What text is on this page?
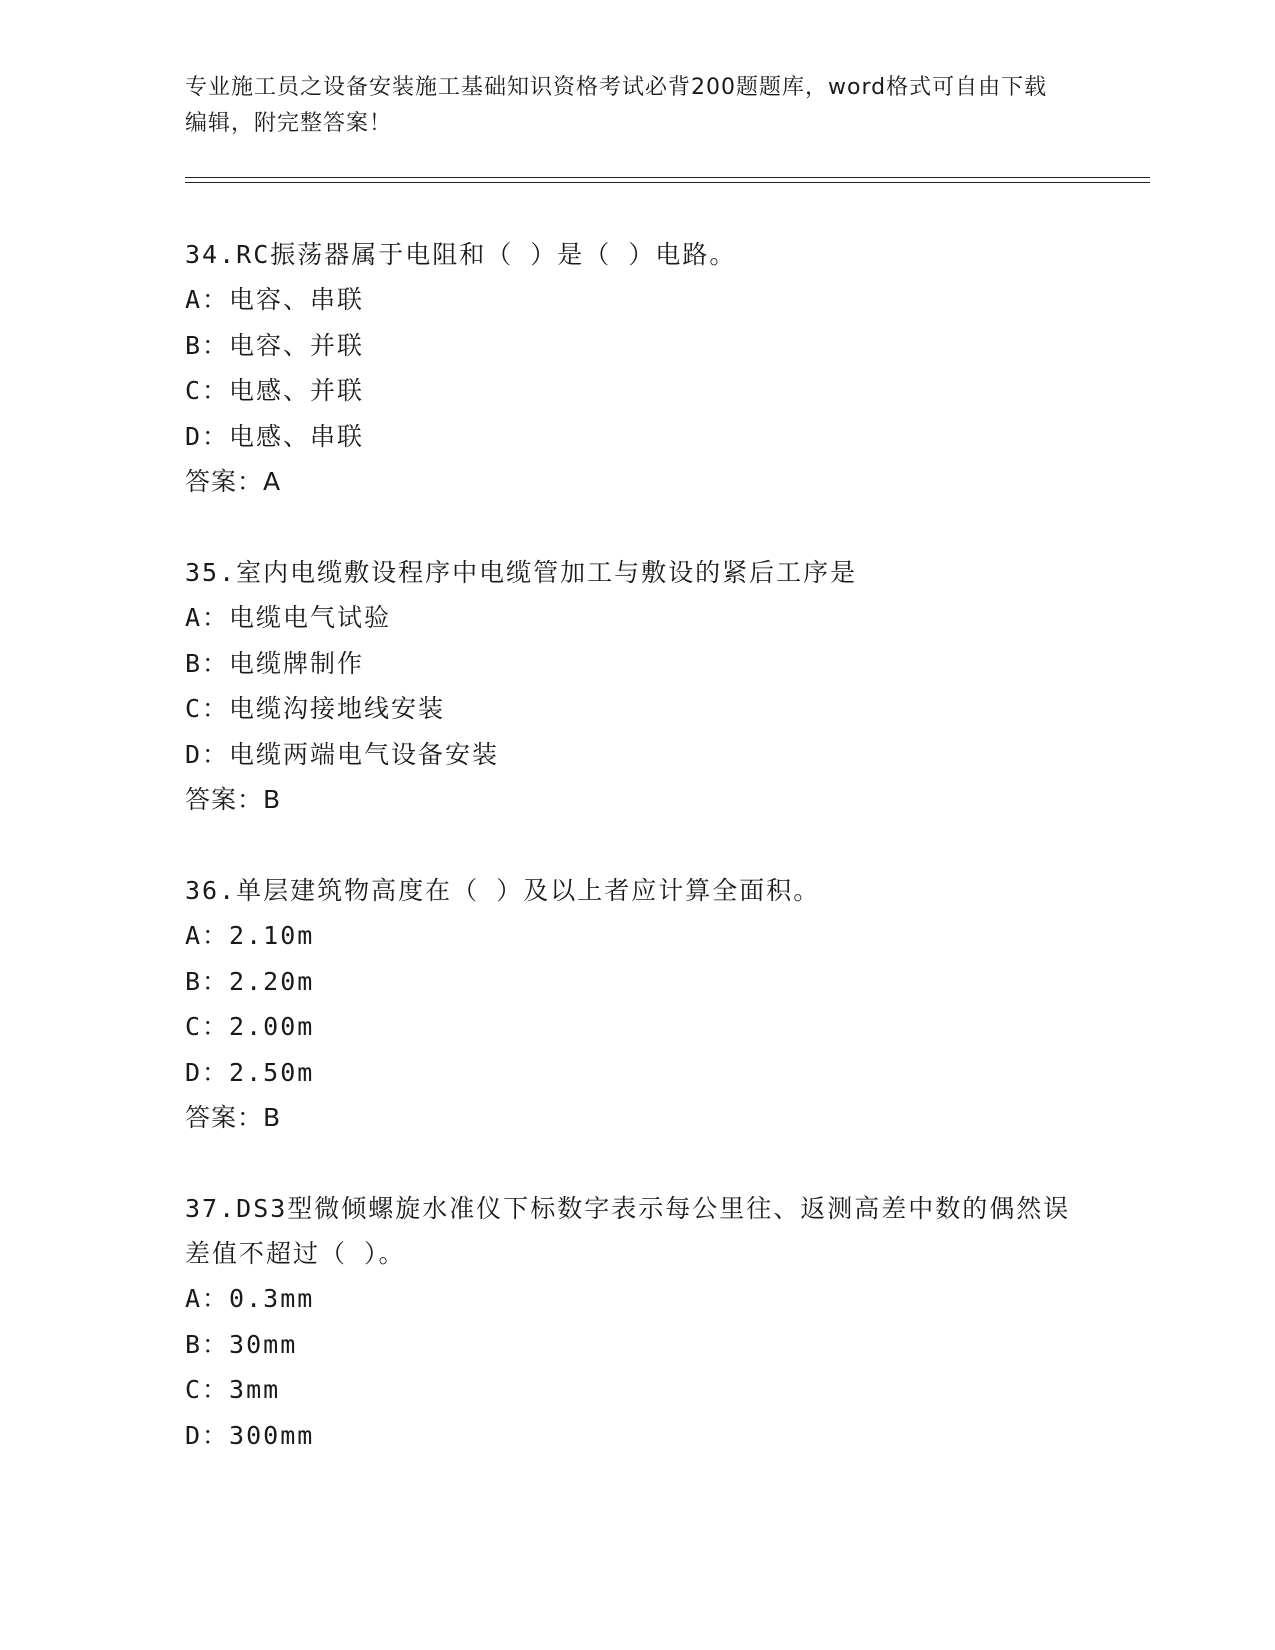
专业施工员之设备安装施工基础知识资格考试必背200题题库，word格式可自由下载编辑，附完整答案！
34.RC振荡器属于电阻和（ ）是（ ）电路。
A：电容、串联
B：电容、并联
C：电感、并联
D：电感、串联
答案：A
35.室内电缆敷设程序中电缆管加工与敷设的紧后工序是
A：电缆电气试验
B：电缆牌制作
C：电缆沟接地线安装
D：电缆两端电气设备安装
答案：B
36.单层建筑物高度在（ ）及以上者应计算全面积。
A：2.10m
B：2.20m
C：2.00m
D：2.50m
答案：B
37.DS3型微倾螺旋水准仪下标数字表示每公里往、返测高差中数的偶然误差值不超过（ ）。
A：0.3mm
B：30mm
C：3mm
D：300mm
